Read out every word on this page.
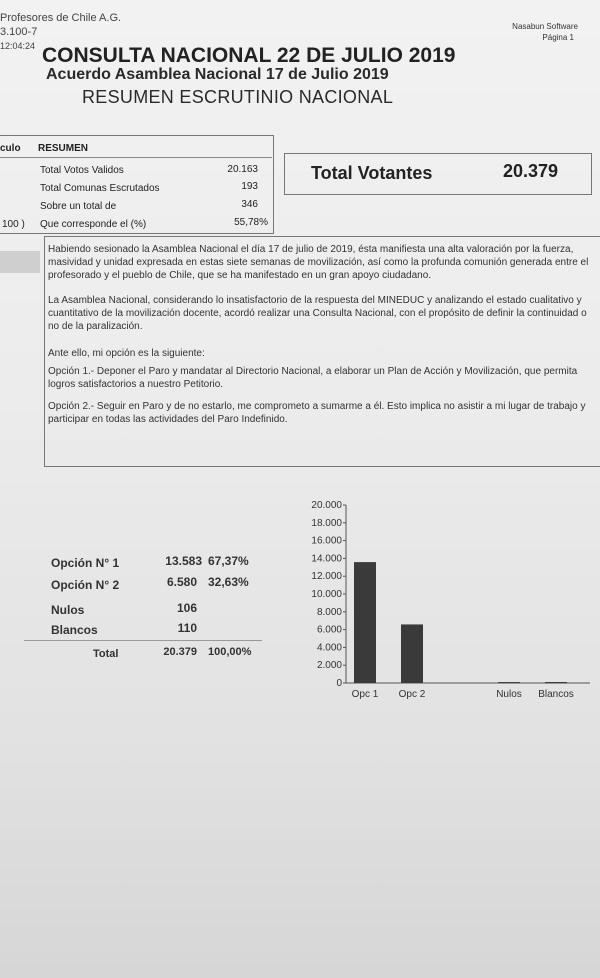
Profesores de Chile A.G.
3.100-7
12:04:24
Nasabun Software
Página 1
CONSULTA NACIONAL 22 DE JULIO 2019
Acuerdo Asamblea Nacional 17 de Julio 2019
RESUMEN ESCRUTINIO NACIONAL
culo RESUMEN
Total Votos Validos	20.163
Total Comunas Escrutados	193
Sobre un total de	346
100 ) Que corresponde el (%)	55,78%
Total Votantes	20.379
Habiendo sesionado la Asamblea Nacional el día 17 de julio de 2019, ésta manifiesta una alta valoración por la fuerza, masividad y unidad expresada en estas siete semanas de movilización, así como la profunda comunión generada entre el profesorado y el pueblo de Chile, que se ha manifestado en un gran apoyo ciudadano.
La Asamblea Nacional, considerando lo insatisfactorio de la respuesta del MINEDUC y analizando el estado cualitativo y cuantitativo de la movilización docente, acordó realizar una Consulta Nacional, con el propósito de definir la continuidad o no de la paralización.
Ante ello, mi opción es la siguiente:
Opción 1.- Deponer el Paro y mandatar al Directorio Nacional, a elaborar un Plan de Acción y Movilización, que permita logros satisfactorios a nuestro Petitorio.
Opción 2.- Seguir en Paro y de no estarlo, me comprometo a sumarme a él. Esto implica no asistir a mi lugar de trabajo y participar en todas las actividades del Paro Indefinido.
Opción N° 1	13.583 67,37%
Opción N° 2	6.580 32,63%
Nulos	106
Blancos	110
Total	20.379 100,00%
0
2.000
4.000
6.000
8.000
10.000
12.000
14.000
16.000
18.000
20.000
Opc 1 Opc 2	Nulos Blancos
